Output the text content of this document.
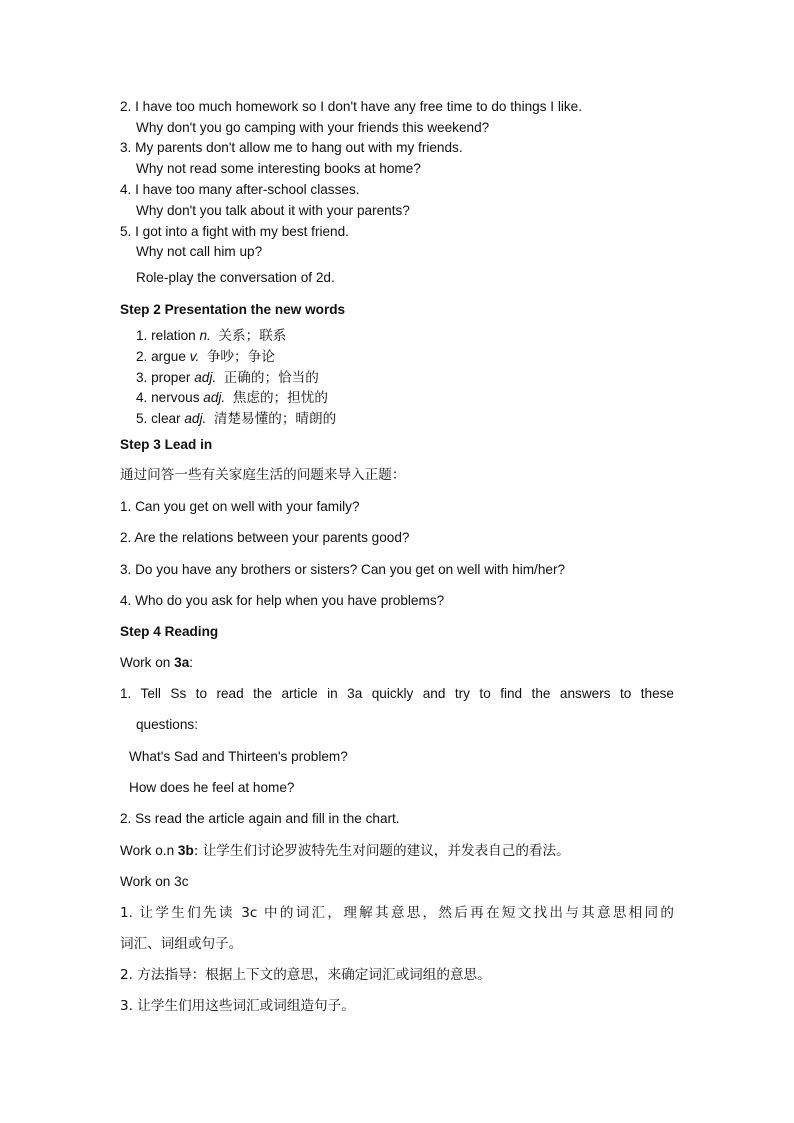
2. I have too much homework so I don't have any free time to do things I like.
Why don't you go camping with your friends this weekend?
3. My parents don't allow me to hang out with my friends.
Why not read some interesting books at home?
4. I have too many after-school classes.
Why don't you talk about it with your parents?
5. I got into a fight with my best friend.
Why not call him up?
Role-play the conversation of 2d.
Step 2 Presentation the new words
1. relation n. 关系；联系
2. argue v. 争吵；争论
3. proper adj. 正确的；恰当的
4. nervous adj. 焦虑的；担忧的
5. clear adj. 清楚易懂的；晴朗的
Step 3 Lead in
通过问答一些有关家庭生活的问题来导入正题：
1. Can you get on well with your family?
2. Are the relations between your parents good?
3. Do you have any brothers or sisters? Can you get on well with him/her?
4. Who do you ask for help when you have problems?
Step 4 Reading
Work on 3a:
1. Tell Ss to read the article in 3a quickly and try to find the answers to these
questions:
What's Sad and Thirteen's problem?
How does he feel at home?
2. Ss read the article again and fill in the chart.
Work o.n 3b: 让学生们讨论罗波特先生对问题的建议，并发表自己的看法。
Work on 3c
1. 让学生们先读 3c 中的词汇，理解其意思，然后再在短文找出与其意思相同的
词汇、词组或句子。
2. 方法指导：根据上下文的意思，来确定词汇或词组的意思。
3. 让学生们用这些词汇或词组造句子。
